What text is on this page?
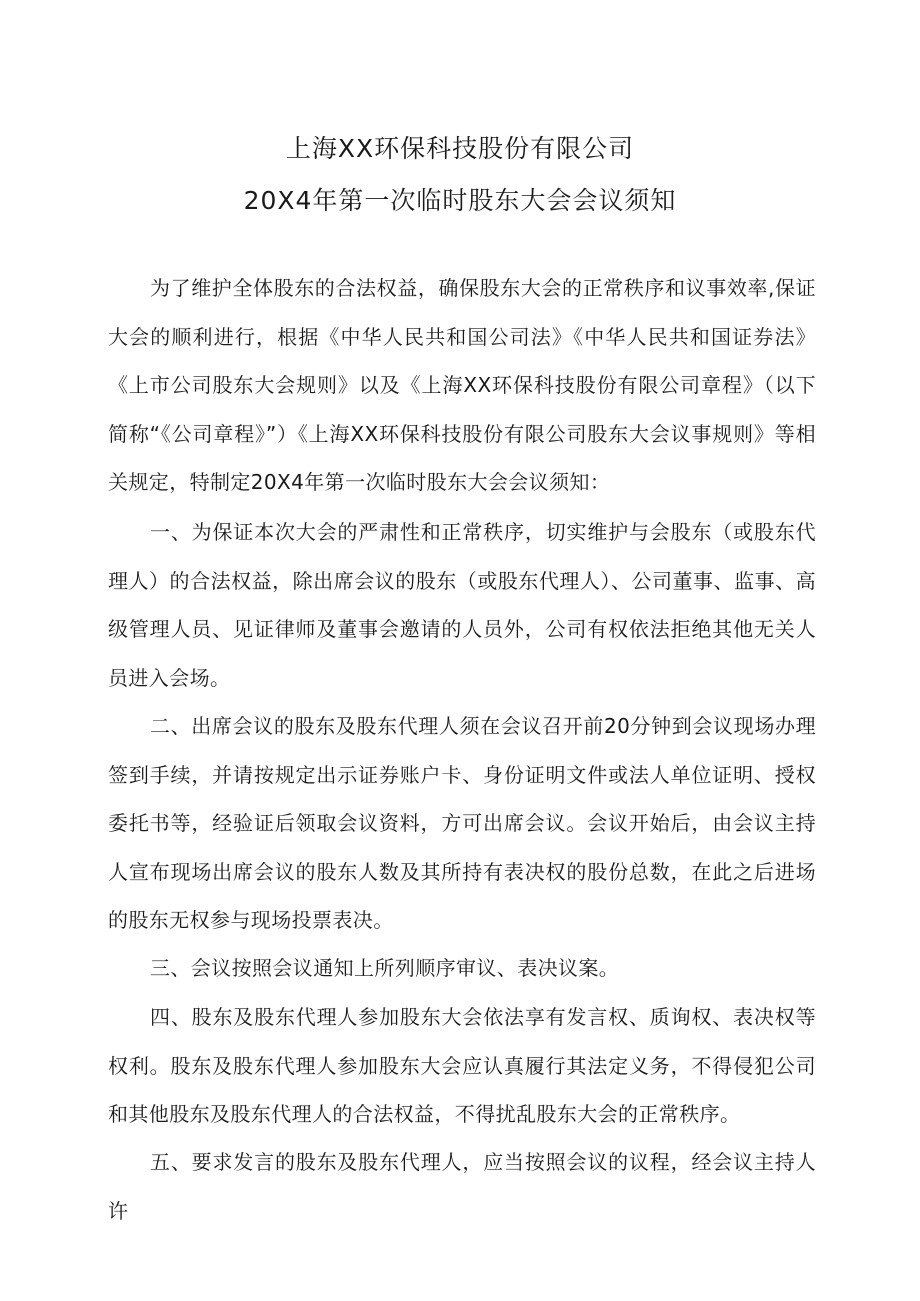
上海XX环保科技股份有限公司
20X4年第一次临时股东大会会议须知

为了维护全体股东的合法权益，确保股东大会的正常秩序和议事效率,保证大会的顺利进行，根据《中华人民共和国公司法》《中华人民共和国证券法》《上市公司股东大会规则》以及《上海XX环保科技股份有限公司章程》（以下简称“《公司章程》”）《上海XX环保科技股份有限公司股东大会议事规则》等相关规定，特制定20X4年第一次临时股东大会会议须知：

一、为保证本次大会的严肃性和正常秩序，切实维护与会股东（或股东代理人）的合法权益，除出席会议的股东（或股东代理人）、公司董事、监事、高级管理人员、见证律师及董事会邀请的人员外，公司有权依法拒绝其他无关人员进入会场。

二、出席会议的股东及股东代理人须在会议召开前20分钟到会议现场办理签到手续，并请按规定出示证券账户卡、身份证明文件或法人单位证明、授权委托书等，经验证后领取会议资料，方可出席会议。会议开始后，由会议主持人宣布现场出席会议的股东人数及其所持有表决权的股份总数，在此之后进场的股东无权参与现场投票表决。

三、会议按照会议通知上所列顺序审议、表决议案。

四、股东及股东代理人参加股东大会依法享有发言权、质询权、表决权等权利。股东及股东代理人参加股东大会应认真履行其法定义务，不得侵犯公司和其他股东及股东代理人的合法权益，不得扰乱股东大会的正常秩序。

五、要求发言的股东及股东代理人，应当按照会议的议程，经会议主持人许
